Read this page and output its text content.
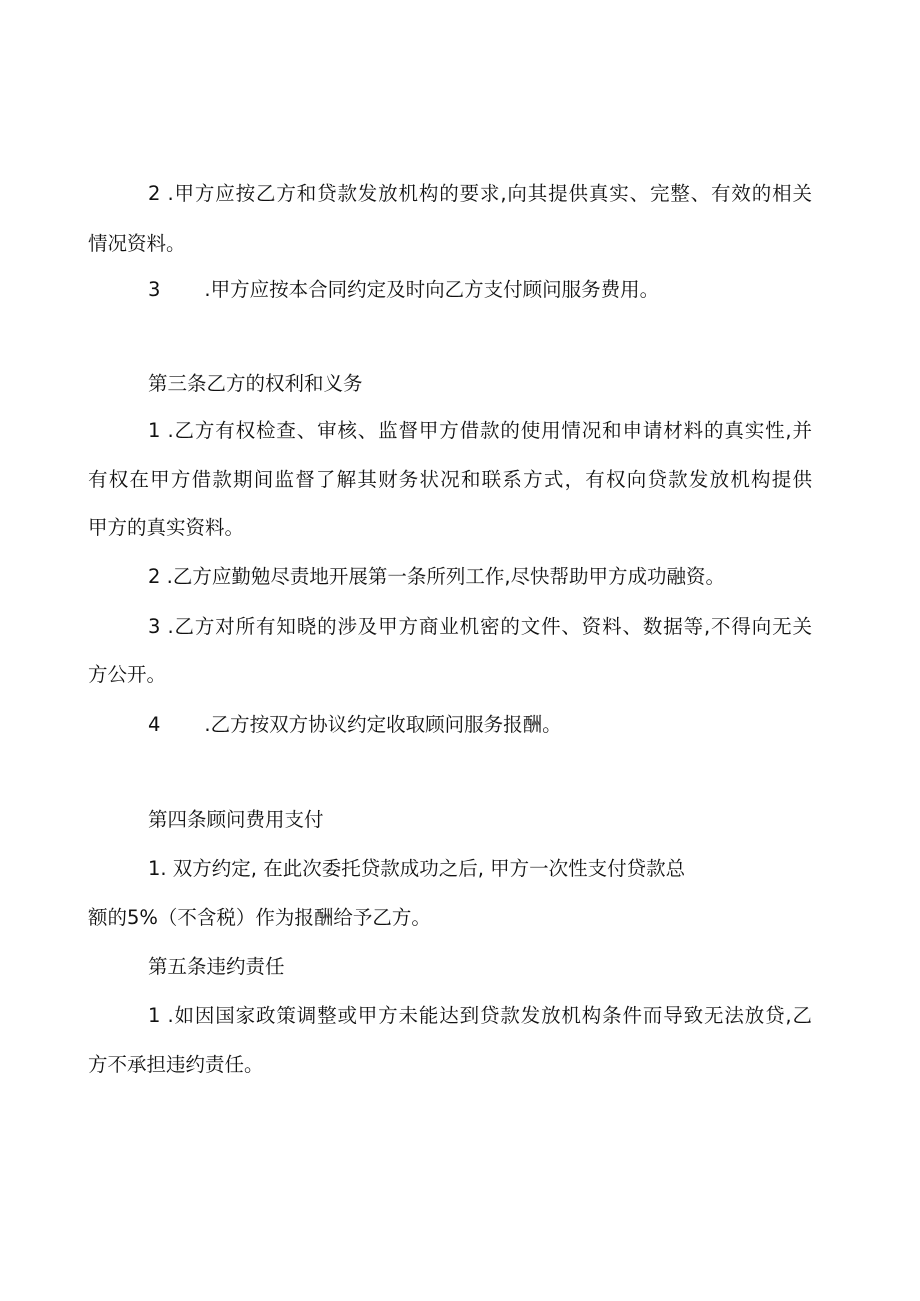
2 .甲方应按乙方和贷款发放机构的要求,向其提供真实、完整、有效的相关
情况资料。
3 .甲方应按本合同约定及时向乙方支付顾问服务费用。
第三条乙方的权利和义务
1 .乙方有权检查、审核、监督甲方借款的使用情况和申请材料的真实性,并
有权在甲方借款期间监督了解其财务状况和联系方式，有权向贷款发放机构提供
甲方的真实资料。
2 .乙方应勤勉尽责地开展第一条所列工作,尽快帮助甲方成功融资。
3 .乙方对所有知晓的涉及甲方商业机密的文件、资料、数据等,不得向无关
方公开。
4 .乙方按双方协议约定收取顾问服务报酬。
第四条顾问费用支付
1. 双方约定, 在此次委托贷款成功之后, 甲方一次性支付贷款总
额的5%（不含税）作为报酬给予乙方。
第五条违约责任
1 .如因国家政策调整或甲方未能达到贷款发放机构条件而导致无法放贷,乙
方不承担违约责任。
